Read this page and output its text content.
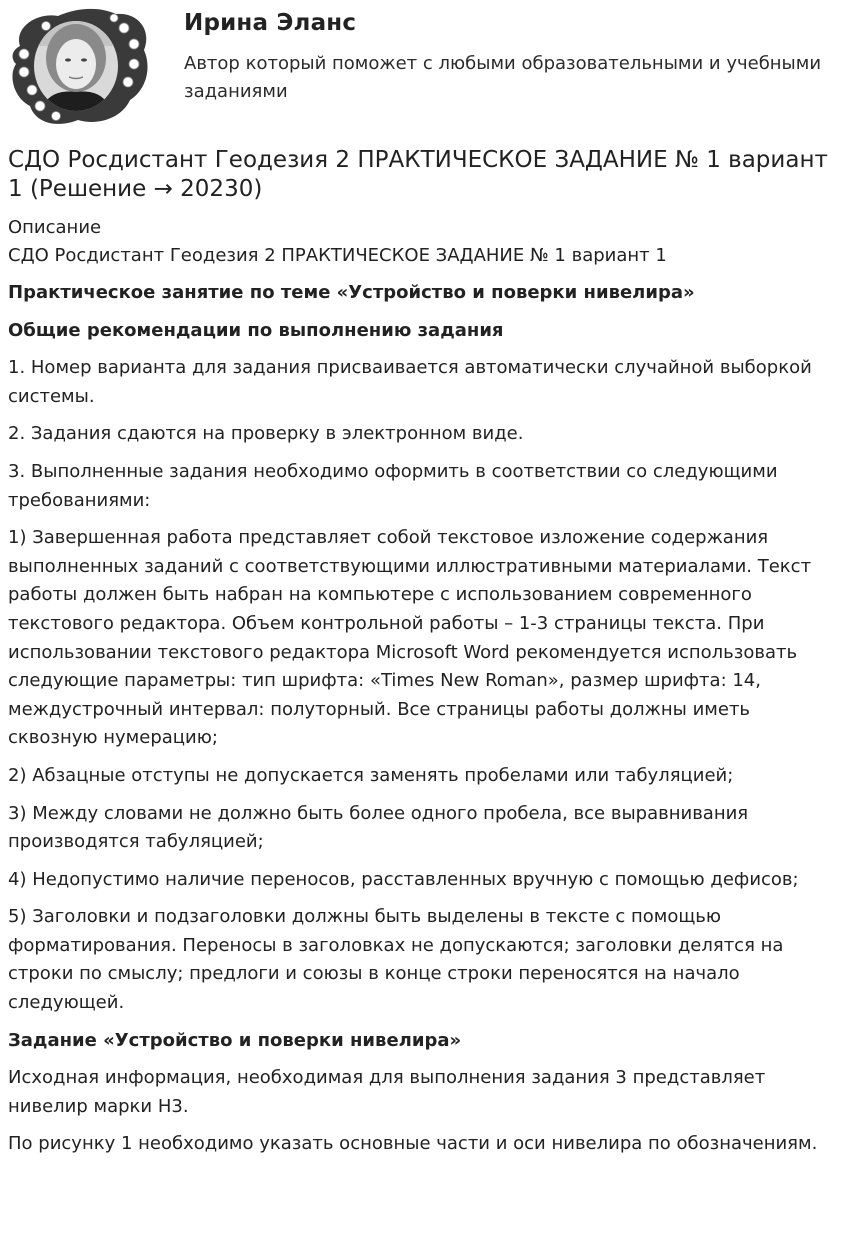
Ирина Эланс
Автор который поможет с любыми образовательными и учебными заданиями
СДО Росдистант Геодезия 2 ПРАКТИЧЕСКОЕ ЗАДАНИЕ № 1 вариант 1 (Решение → 20230)

Описание

СДО Росдистант Геодезия 2 ПРАКТИЧЕСКОЕ ЗАДАНИЕ № 1 вариант 1

Практическое занятие по теме «Устройство и поверки нивелира»

Общие рекомендации по выполнению задания

1. Номер варианта для задания присваивается автоматически случайной выборкой системы.

2. Задания сдаются на проверку в электронном виде.

3. Выполненные задания необходимо оформить в соответствии со следующими требованиями:

1) Завершенная работа представляет собой текстовое изложение содержания выполненных заданий с соответствующими иллюстративными материалами. Текст работы должен быть набран на компьютере с использованием современного текстового редактора. Объем контрольной работы – 1-3 страницы текста. При использовании текстового редактора Microsoft Word рекомендуется использовать следующие параметры: тип шрифта: «Times New Roman», размер шрифта: 14, междустрочный интервал: полуторный. Все страницы работы должны иметь сквозную нумерацию;

2) Абзацные отступы не допускается заменять пробелами или табуляцией;

3) Между словами не должно быть более одного пробела, все выравнивания производятся табуляцией;

4) Недопустимо наличие переносов, расставленных вручную с помощью дефисов;

5) Заголовки и подзаголовки должны быть выделены в тексте с помощью форматирования. Переносы в заголовках не допускаются; заголовки делятся на строки по смыслу; предлоги и союзы в конце строки переносятся на начало следующей.

Задание «Устройство и поверки нивелира»

Исходная информация, необходимая для выполнения задания 3 представляет нивелир марки Н3.

По рисунку 1 необходимо указать основные части и оси нивелира по обозначениям.
